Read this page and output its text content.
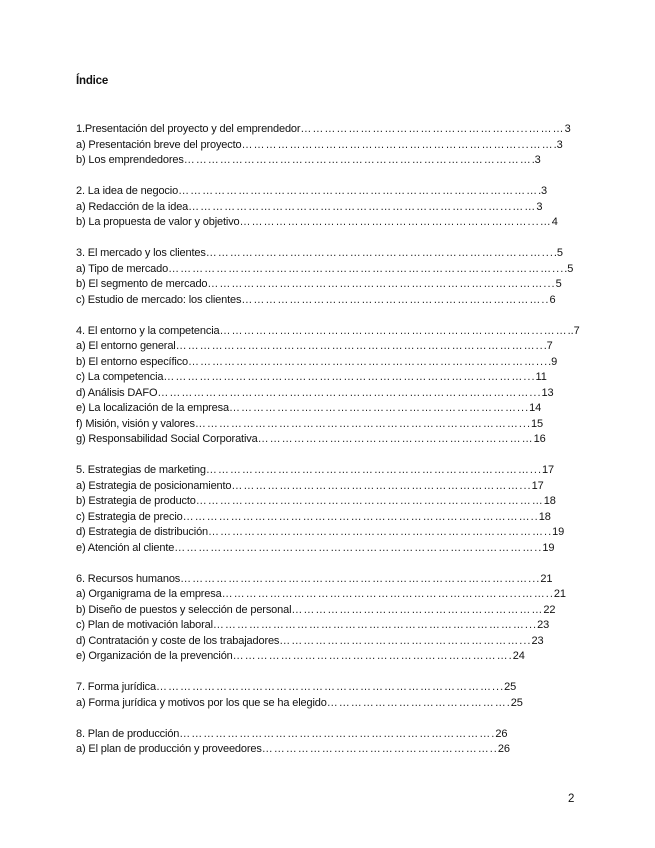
Índice
1.Presentación del proyecto y del emprendedor………………………………………………...………3
a) Presentación breve del proyecto……………………………………………………………...…….3
b) Los emprendedores…………………………………………………………………………….3
2. La idea de negocio……………………………………………………………………………….3
a) Redacción de la idea……………………………………………………………………...……3
b) La propuesta de valor y objetivo………………………………………………………………...…4
3. El mercado y los clientes…………………………………………………………………………....5
a) Tipo de mercado……………………………………………………………………………………....5
b) El segmento de mercado…………………………………………………………………………...5
c) Estudio de mercado: los clientes…………………………………………………………………..6
4. El entorno y la competencia……………………………………………………………………...……..7
a) El entorno general………………………………………………………………………………...7
b) El entorno específico……………………………………………………………………………....9
c) La competencia………………………………………………………………………………...11
d) Análisis DAFO…………………………………………………………………………………...13
e) La localización de la empresa………………………………………………………………...14
f) Misión, visión y valores………………………………………………………………………...15
g) Responsabilidad Social Corporativa……………………………………………………………16
5. Estrategias de marketing………………………………………………………………………...17
a) Estrategia de posicionamiento………………………………………………………………...17
b) Estrategia de producto……………………………………………………………………………18
c) Estrategia de precio……………………………………………………………………………..18
d) Estrategia de distribución…………………………………………………………………………..19
e) Atención al cliente………………………………………………………………………………..19
6. Recursos humanos……………………………………………………………………………...21
a) Organigrama de la empresa………………………………………………………………...……..21
b) Diseño de puestos y selección de personal………………………………………………………22
c) Plan de motivación laboral……………………………………………………………………...23
d) Contratación y coste de los trabajadores……………………………………………………...23
e) Organización de la prevención…………………………………………………………….24
7. Forma jurídica…………………………………………………………………………...25
a) Forma jurídica y motivos por los que se ha elegido……………………………………….25
8. Plan de producción…………………………………………………………………….26
a) El plan de producción y proveedores…………………………………………………..26
2
